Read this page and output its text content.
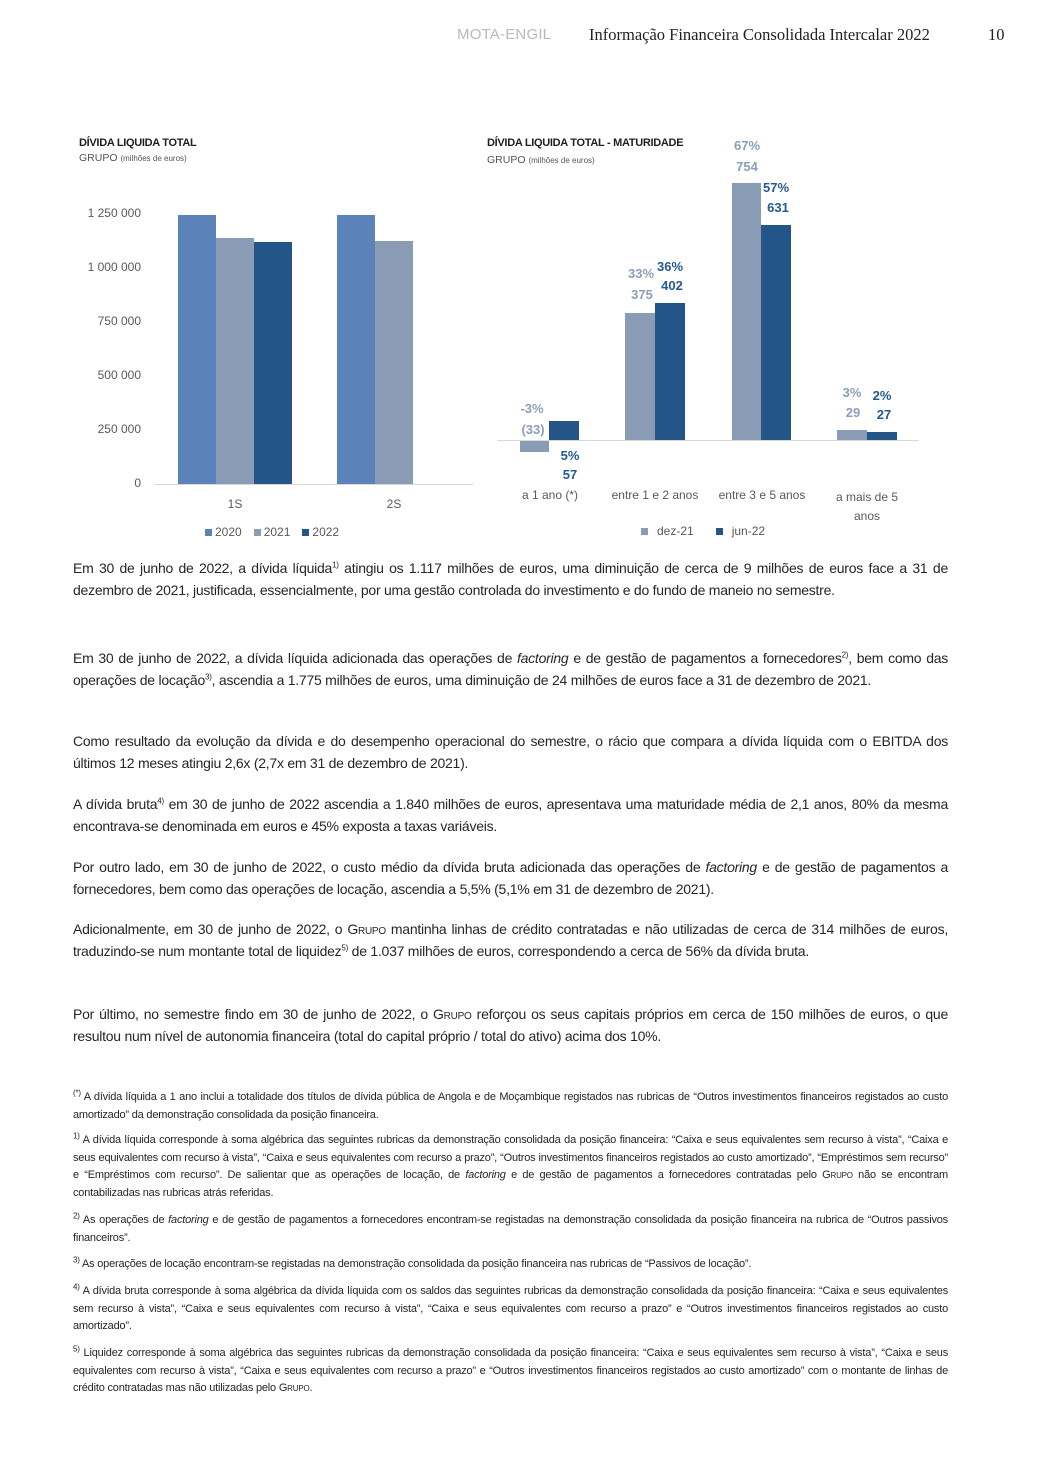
MOTA-ENGIL Informação Financeira Consolidada Intercalar 2022	10
DÍVIDA LIQUIDA TOTAL
GRUPO (milhões de euros)
1 250 000
1 000 000
750 000
500 000
250 000
0
1S	2S
2020 2021 2022
DÍVIDA LIQUIDA TOTAL - MATURIDADE
GRUPO (milhões de euros)
-3%
(33)
5%
57
33%
375
36%
402
67%
754
57%
631
3%
29
2%
27
a 1 ano (*)	entre 1 e 2 anos	entre 3 e 5 anos	a mais de 5 anos
dez-21	jun-22
Em 30 de junho de 2022, a dívida líquida$^{1)}$ atingiu os 1.117 milhões de euros, uma diminuição de cerca de 9 milhões de euros face a 31 de dezembro de 2021, justificada, essencialmente, por uma gestão controlada do investimento e do fundo de maneio no semestre.
Em 30 de junho de 2022, a dívida líquida adicionada das operações de factoring e de gestão de pagamentos a fornecedores$^{2)}$, bem como das operações de locação$^{3)}$, ascendia a 1.775 milhões de euros, uma diminuição de 24 milhões de euros face a 31 de dezembro de 2021.
Como resultado da evolução da dívida e do desempenho operacional do semestre, o rácio que compara a dívida líquida com o EBITDA dos últimos 12 meses atingiu 2,6x (2,7x em 31 de dezembro de 2021).
A dívida bruta$^{4)}$ em 30 de junho de 2022 ascendia a 1.840 milhões de euros, apresentava uma maturidade média de 2,1 anos, 80% da mesma encontrava-se denominada em euros e 45% exposta a taxas variáveis.
Por outro lado, em 30 de junho de 2022, o custo médio da dívida bruta adicionada das operações de factoring e de gestão de pagamentos a fornecedores, bem como das operações de locação, ascendia a 5,5% (5,1% em 31 de dezembro de 2021).
Adicionalmente, em 30 de junho de 2022, o Grupo mantinha linhas de crédito contratadas e não utilizadas de cerca de 314 milhões de euros, traduzindo-se num montante total de liquidez$^{5)}$ de 1.037 milhões de euros, correspondendo a cerca de 56% da dívida bruta.
Por último, no semestre findo em 30 de junho de 2022, o Grupo reforçou os seus capitais próprios em cerca de 150 milhões de euros, o que resultou num nível de autonomia financeira (total do capital próprio / total do ativo) acima dos 10%.
(*) A dívida líquida a 1 ano inclui a totalidade dos títulos de dívida pública de Angola e de Moçambique registados nas rubricas de “Outros investimentos financeiros registados ao custo amortizado” da demonstração consolidada da posição financeira.
$^{1)}$ A dívida líquida corresponde à soma algébrica das seguintes rubricas da demonstração consolidada da posição financeira: “Caixa e seus equivalentes sem recurso à vista”, “Caixa e seus equivalentes com recurso à vista”, “Caixa e seus equivalentes com recurso a prazo”, “Outros investimentos financeiros registados ao custo amortizado”, “Empréstimos sem recurso” e “Empréstimos com recurso”. De salientar que as operações de locação, de factoring e de gestão de pagamentos a fornecedores contratadas pelo Grupo não se encontram contabilizadas nas rubricas atrás referidas.
$^{2)}$ As operações de factoring e de gestão de pagamentos a fornecedores encontram-se registadas na demonstração consolidada da posição financeira na rubrica de “Outros passivos financeiros”.
$^{3)}$ As operações de locação encontram-se registadas na demonstração consolidada da posição financeira nas rubricas de “Passivos de locação”.
$^{4)}$ A dívida bruta corresponde à soma algébrica da dívida líquida com os saldos das seguintes rubricas da demonstração consolidada da posição financeira: “Caixa e seus equivalentes sem recurso à vista”, “Caixa e seus equivalentes com recurso à vista”, “Caixa e seus equivalentes com recurso a prazo” e “Outros investimentos financeiros registados ao custo amortizado”.
$^{5)}$ Liquidez corresponde à soma algébrica das seguintes rubricas da demonstração consolidada da posição financeira: “Caixa e seus equivalentes sem recurso à vista”, “Caixa e seus equivalentes com recurso à vista”, “Caixa e seus equivalentes com recurso a prazo” e “Outros investimentos financeiros registados ao custo amortizado” com o montante de linhas de crédito contratadas mas não utilizadas pelo Grupo.
